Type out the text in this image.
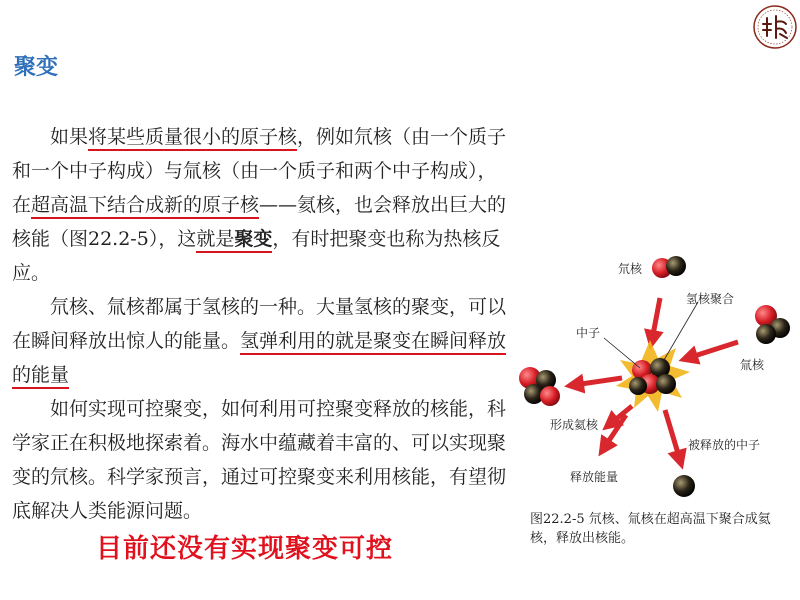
聚变

如果将某些质量很小的原子核，例如氘核（由一个质子和一个中子构成）与氚核（由一个质子和两个中子构成），在超高温下结合成新的原子核——氦核，也会释放出巨大的核能（图22.2-5），这就是聚变，有时把聚变也称为热核反应。

氘核、氚核都属于氢核的一种。大量氢核的聚变，可以在瞬间释放出惊人的能量。氢弹利用的就是聚变在瞬间释放的能量

如何实现可控聚变，如何利用可控聚变释放的核能，科学家正在积极地探索着。海水中蕴藏着丰富的、可以实现聚变的氘核。科学家预言，通过可控聚变来利用核能，有望彻底解决人类能源问题。

氘核
氢核聚合
中子
氚核
形成氦核
被释放的中子
释放能量
图22.2-5 氘核、氚核在超高温下聚合成氦核，释放出核能。
目前还没有实现聚变可控
